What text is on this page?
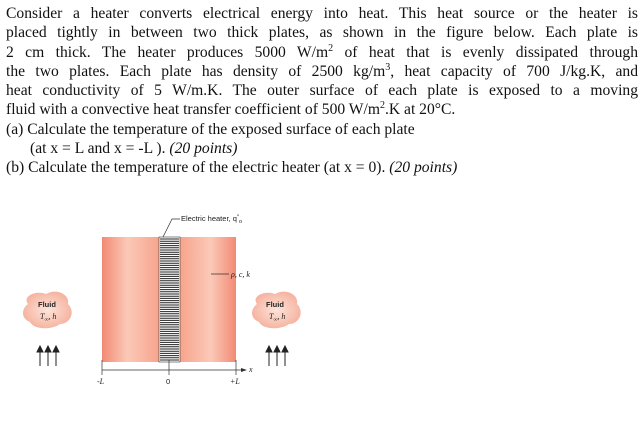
Consider a heater converts electrical energy into heat. This heat source or the heater is

placed tightly in between two thick plates, as shown in the figure below. Each plate is

2 cm thick. The heater produces 5000 $W/m^2$ of heat that is evenly dissipated through

the two plates. Each plate has density of 2500 $kg/m^3$, heat capacity of 700 J/kg.K, and

heat conductivity of 5 W/m.K. The outer surface of each plate is exposed to a moving

fluid with a convective heat transfer coefficient of 500 $W/m^2.K$ at 20°C.

(a) Calculate the temperature of the exposed surface of each plate

(at x = L and x = -L ). (20 points)

(b) Calculate the temperature of the electric heater (at x = 0). (20 points)

Electric heater, $q''_o$
ρ, c, k
Fluid
$T_\infty$, h
Fluid
$T_\infty$, h
x
-L	0	+L
